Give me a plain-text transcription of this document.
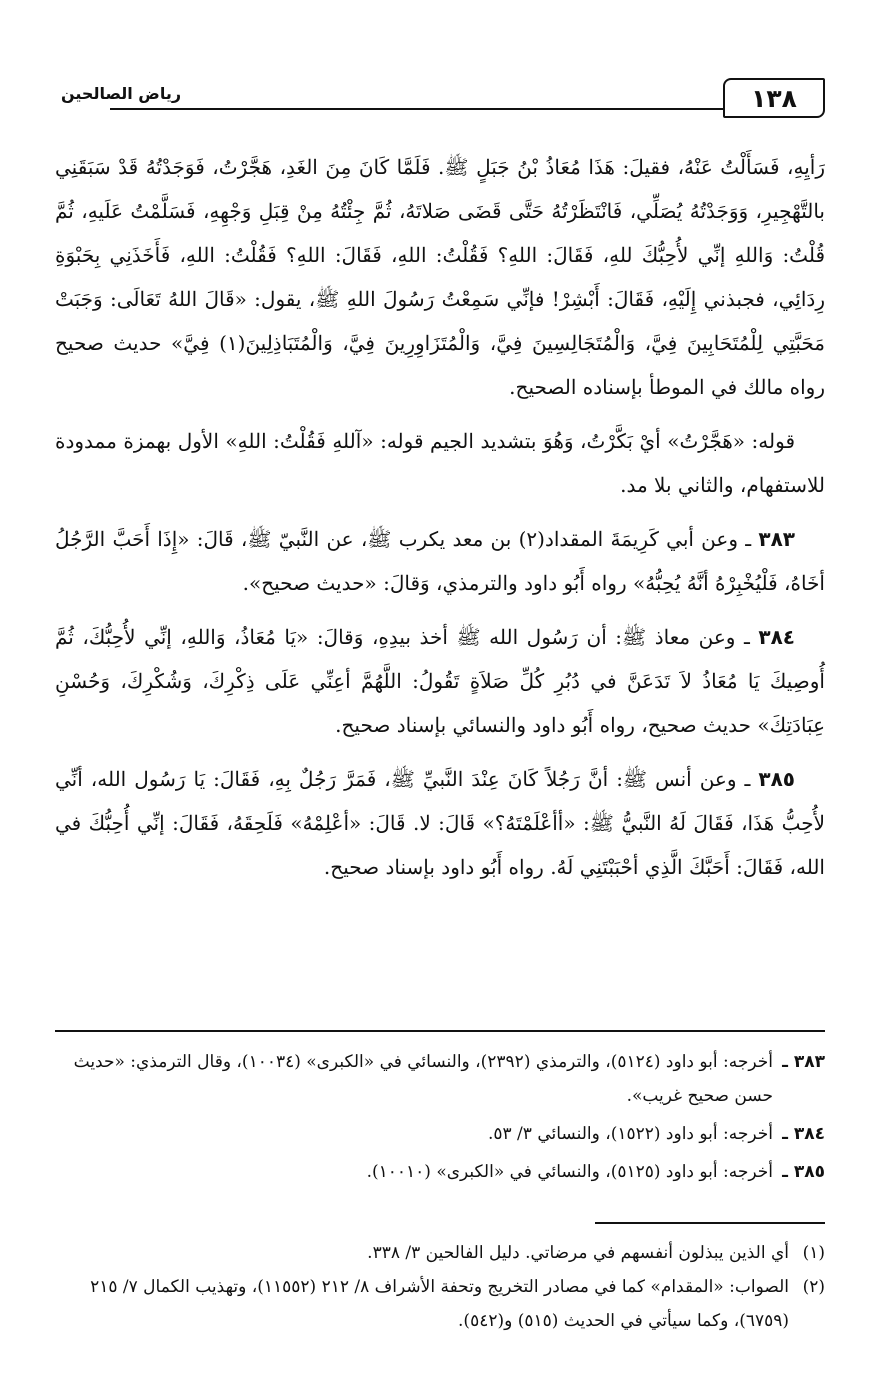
١٣٨
رياض الصالحين

رَأيِهِ، فَسَأَلْتُ عَنْهُ، فقيلَ: هَذَا مُعَاذُ بْنُ جَبَلٍ ﷺ. فَلَمَّا كَانَ مِنَ الغَدِ، هَجَّرْتُ، فَوَجَدْتُهُ قَدْ سَبَقَنِي بالتَّهْجِيرِ، وَوَجَدْتُهُ يُصَلِّي، فَانْتَظَرْتُهُ حَتَّى قَضَى صَلاتَهُ، ثُمَّ جِئْتُهُ مِنْ قِبَلِ وَجْهِهِ، فَسَلَّمْتُ عَلَيهِ، ثُمَّ قُلْتُ: وَاللهِ إنِّي لأُحِبُّكَ للهِ، فَقَالَ: اللهِ؟ فَقُلْتُ: اللهِ، فَقَالَ: اللهِ؟ فَقُلْتُ: اللهِ، فَأَخَذَنِي بِحَبْوَةِ رِدَائِي، فجبذني إِلَيْهِ، فَقَالَ: أَبْشِرْ! فإنِّي سَمِعْتُ رَسُولَ اللهِ ﷺ، يقول: «قَالَ اللهُ تَعَالَى: وَجَبَتْ مَحَبَّتِي لِلْمُتَحَابِينَ فِيَّ، وَالْمُتَجَالِسِينَ فِيَّ، وَالْمُتَزَاوِرِينَ فِيَّ، وَالْمُتَبَاذِلِينَ(١) فِيَّ» حديث صحيح رواه مالك في الموطأ بإسناده الصحيح.

قوله: «هَجَّرْتُ» أيْ بَكَّرْتُ، وَهُوَ بتشديد الجيم قوله: «آللهِ فَقُلْتُ: اللهِ» الأول بهمزة ممدودة للاستفهام، والثاني بلا مد.

٣٨٣ ـ وعن أبي كَرِيمَةَ المقداد(٢) بن معد يكرب ﷺ، عن النَّبيّ ﷺ، قَالَ: «إِذَا أَحَبَّ الرَّجُلُ أخَاهُ، فَلْيُخْبِرْهُ أنَّهُ يُحِبُّهُ» رواه أَبُو داود والترمذي، وَقالَ: «حديث صحيح».

٣٨٤ ـ وعن معاذ ﷺ: أن رَسُول الله ﷺ أخذ بيدِهِ، وَقالَ: «يَا مُعَاذُ، وَاللهِ، إنِّي لأُحِبُّكَ، ثُمَّ أُوصِيكَ يَا مُعَاذُ لاَ تَدَعَنَّ في دُبُرِ كُلِّ صَلاَةٍ تَقُولُ: اللَّهُمَّ أعِنِّي عَلَى ذِكْرِكَ، وَشُكْرِكَ، وَحُسْنِ عِبَادَتِكَ» حديث صحيح، رواه أَبُو داود والنسائي بإسناد صحيح.

٣٨٥ ـ وعن أنس ﷺ: أنَّ رَجُلاً كَانَ عِنْدَ النَّبيِّ ﷺ، فَمَرَّ رَجُلٌ بِهِ، فَقَالَ: يَا رَسُول الله، أنِّي لأُحِبُّ هَذَا، فَقَالَ لَهُ النَّبيُّ ﷺ: «أأعْلَمْتَهُ؟» قَالَ: لا. قَالَ: «أعْلِمْهُ» فَلَحِقَهُ، فَقَالَ: إنِّي أُحِبُّكَ في الله، فَقَالَ: أَحَبَّكَ الَّذِي أحْبَبْتَنِي لَهُ. رواه أَبُو داود بإسناد صحيح.

٣٨٣ ـ
أخرجه: أبو داود (٥١٢٤)، والترمذي (٢٣٩٢)، والنسائي في «الكبرى» (١٠٠٣٤)، وقال الترمذي: «حديث حسن صحيح غريب».
٣٨٤ ـ
أخرجه: أبو داود (١٥٢٢)، والنسائي ٣/ ٥٣.
٣٨٥ ـ
أخرجه: أبو داود (٥١٢٥)، والنسائي في «الكبرى» (١٠٠١٠).
(١)
أي الذين يبذلون أنفسهم في مرضاتي. دليل الفالحين ٣/ ٣٣٨.
(٢)
الصواب: «المقدام» كما في مصادر التخريج وتحفة الأشراف ٨/ ٢١٢ (١١٥٥٢)، وتهذيب الكمال ٧/ ٢١٥ (٦٧٥٩)، وكما سيأتي في الحديث (٥١٥) و(٥٤٢).
